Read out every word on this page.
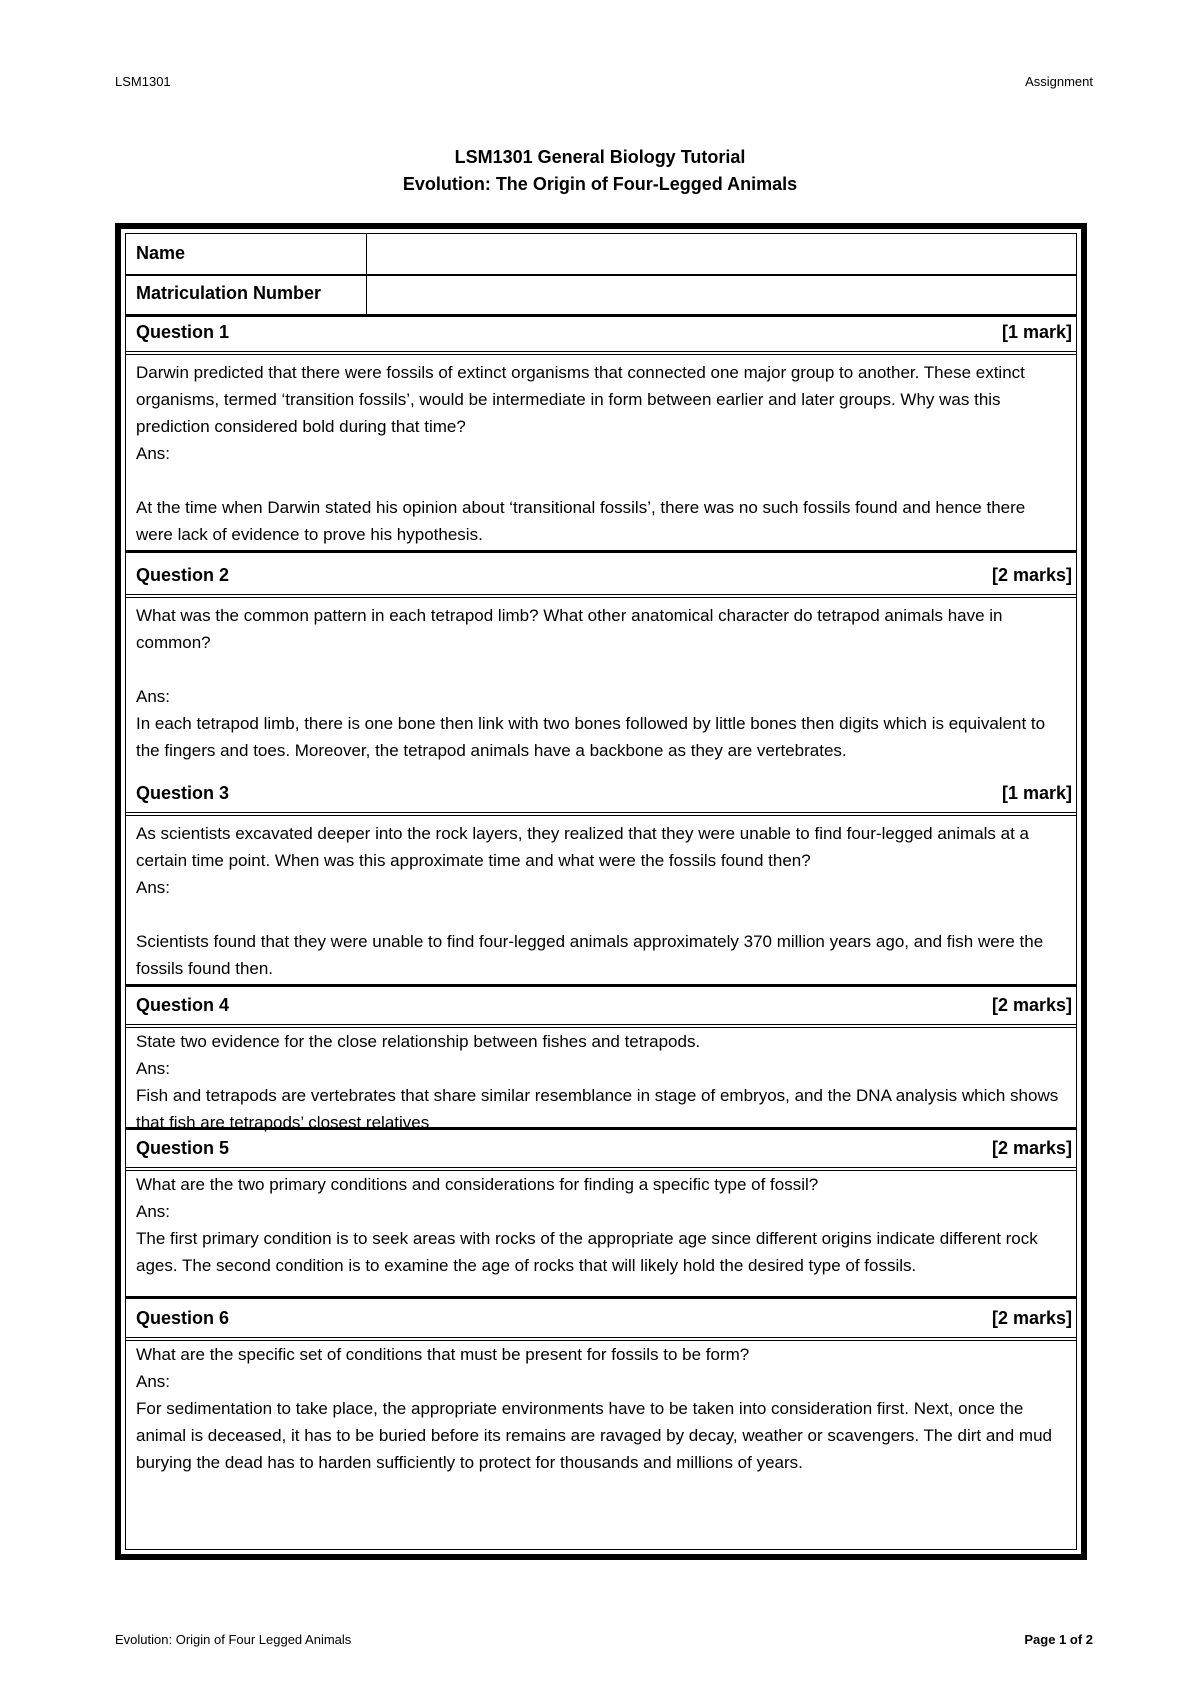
LSM1301	Assignment
LSM1301 General Biology Tutorial
Evolution: The Origin of Four-Legged Animals
Name
Matriculation Number
Question 1	[1 mark]

Darwin predicted that there were fossils of extinct organisms that connected one major group to another. These extinct organisms, termed ‘transition fossils’, would be intermediate in form between earlier and later groups. Why was this prediction considered bold during that time?

Ans:

At the time when Darwin stated his opinion about ‘transitional fossils’, there was no such fossils found and hence there were lack of evidence to prove his hypothesis.

Question 2	[2 marks]

What was the common pattern in each tetrapod limb? What other anatomical character do tetrapod animals have in common?

Ans:

In each tetrapod limb, there is one bone then link with two bones followed by little bones then digits which is equivalent to the fingers and toes. Moreover, the tetrapod animals have a backbone as they are vertebrates.

Question 3	[1 mark]

As scientists excavated deeper into the rock layers, they realized that they were unable to find four-legged animals at a certain time point. When was this approximate time and what were the fossils found then?

Ans:

Scientists found that they were unable to find four-legged animals approximately 370 million years ago, and fish were the fossils found then.

Question 4	[2 marks]

State two evidence for the close relationship between fishes and tetrapods.

Ans:

Fish and tetrapods are vertebrates that share similar resemblance in stage of embryos, and the DNA analysis which shows that fish are tetrapods’ closest relatives

Question 5	[2 marks]

What are the two primary conditions and considerations for finding a specific type of fossil?

Ans:

The first primary condition is to seek areas with rocks of the appropriate age since different origins indicate different rock ages. The second condition is to examine the age of rocks that will likely hold the desired type of fossils.

Question 6	[2 marks]

What are the specific set of conditions that must be present for fossils to be form?

Ans:

For sedimentation to take place, the appropriate environments have to be taken into consideration first. Next, once the animal is deceased, it has to be buried before its remains are ravaged by decay, weather or scavengers. The dirt and mud burying the dead has to harden sufficiently to protect for thousands and millions of years.

Evolution: Origin of Four Legged Animals	Page 1 of 2
